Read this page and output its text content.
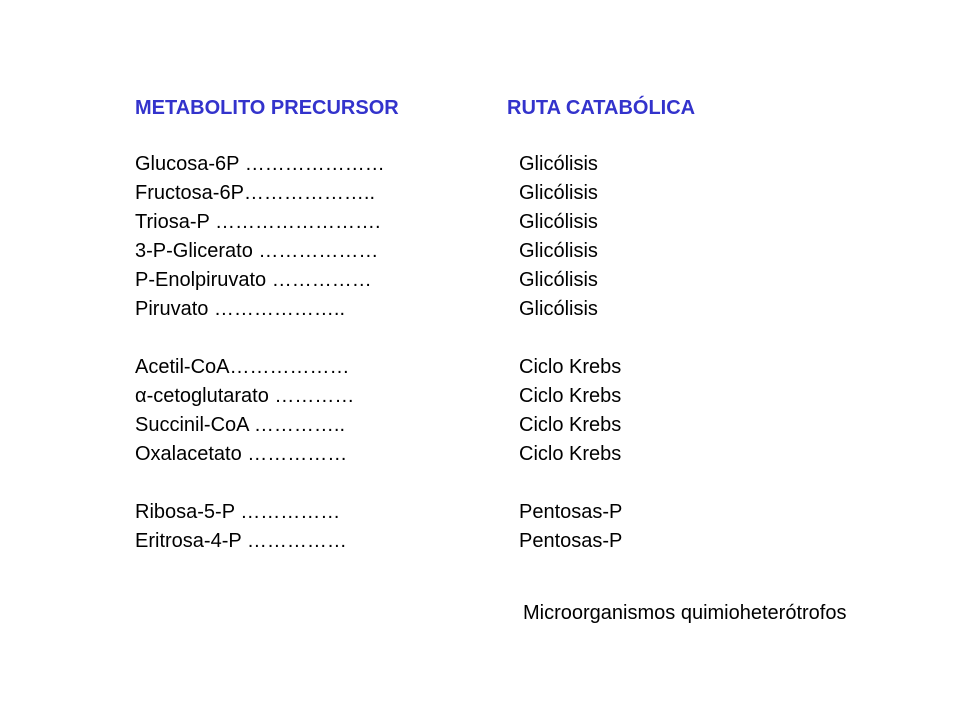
METABOLITO PRECURSOR	RUTA CATABÓLICA
Glucosa-6P …………………	Glicólisis
Fructosa-6P………………..	Glicólisis
Triosa-P …………………….	Glicólisis
3-P-Glicerato ………………	Glicólisis
P-Enolpiruvato ……………	Glicólisis
Piruvato ………………..	Glicólisis
Acetil-CoA………………	Ciclo Krebs
α-cetoglutarato …………	Ciclo Krebs
Succinil-CoA …………..	Ciclo Krebs
Oxalacetato ……………	Ciclo Krebs
Ribosa-5-P ……………	Pentosas-P
Eritrosa-4-P ……………	Pentosas-P
Microorganismos quimioheterótrofos
